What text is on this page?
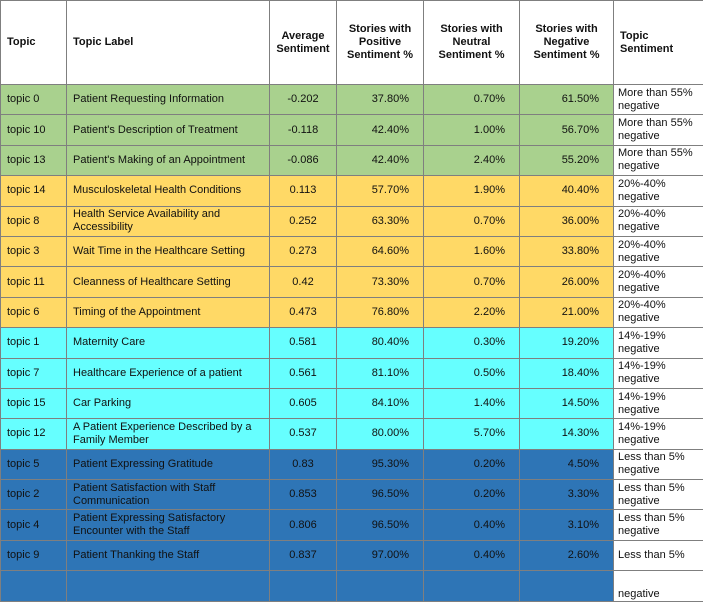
Topic	Topic Label	Average Sentiment	Stories with Positive Sentiment %	Stories with Neutral Sentiment %	Stories with Negative Sentiment %	Topic Sentiment
topic 0	Patient Requesting Information	-0.202	37.80%	0.70%	61.50%	More than 55% negative
topic 10	Patient's Description of Treatment	-0.118	42.40%	1.00%	56.70%	More than 55% negative
topic 13	Patient's Making of an Appointment	-0.086	42.40%	2.40%	55.20%	More than 55% negative
topic 14	Musculoskeletal Health Conditions	0.113	57.70%	1.90%	40.40%	20%-40% negative
topic 8	Health Service Availability and Accessibility	0.252	63.30%	0.70%	36.00%	20%-40% negative
topic 3	Wait Time in the Healthcare Setting	0.273	64.60%	1.60%	33.80%	20%-40% negative
topic 11	Cleanness of Healthcare Setting	0.42	73.30%	0.70%	26.00%	20%-40% negative
topic 6	Timing of the Appointment	0.473	76.80%	2.20%	21.00%	20%-40% negative
topic 1	Maternity Care	0.581	80.40%	0.30%	19.20%	14%-19% negative
topic 7	Healthcare Experience of a patient	0.561	81.10%	0.50%	18.40%	14%-19% negative
topic 15	Car Parking	0.605	84.10%	1.40%	14.50%	14%-19% negative
topic 12	A Patient Experience Described by a Family Member	0.537	80.00%	5.70%	14.30%	14%-19% negative
topic 5	Patient Expressing Gratitude	0.83	95.30%	0.20%	4.50%	Less than 5% negative
topic 2	Patient Satisfaction with Staff Communication	0.853	96.50%	0.20%	3.30%	Less than 5% negative
topic 4	Patient Expressing Satisfactory Encounter with the Staff	0.806	96.50%	0.40%	3.10%	Less than 5% negative
topic 9	Patient Thanking the Staff	0.837	97.00%	0.40%	2.60%	Less than 5%
						negative
